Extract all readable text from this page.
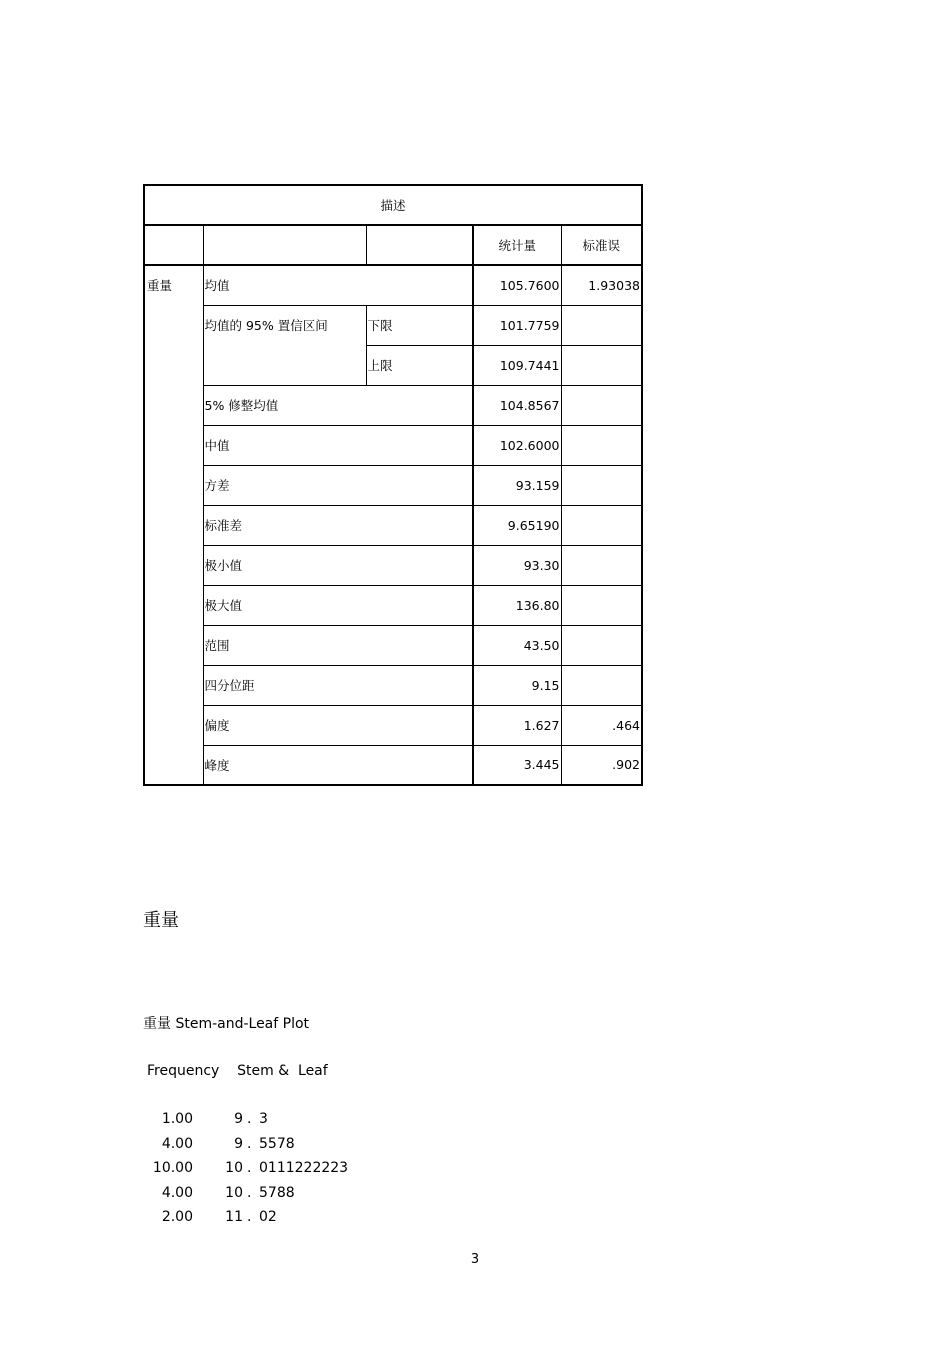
描述				
			统计量	标准误
重量	均值		105.7600	1.93038
	均值的 95% 置信区间	下限	101.7759	
		上限	109.7441	
	5% 修整均值		104.8567	
	中值		102.6000	
	方差		93.159	
	标准差		9.65190	
	极小值		93.30	
	极大值		136.80	
	范围		43.50	
	四分位距		9.15	
	偏度		1.627	.464
	峰度		3.445	.902
重量
重量 Stem-and-Leaf Plot
Frequency    Stem &  Leaf
1.00	9 . 3
4.00	9 . 5578
10.00	10 . 0111222223
4.00	10 . 5788
2.00	11 . 02
3
